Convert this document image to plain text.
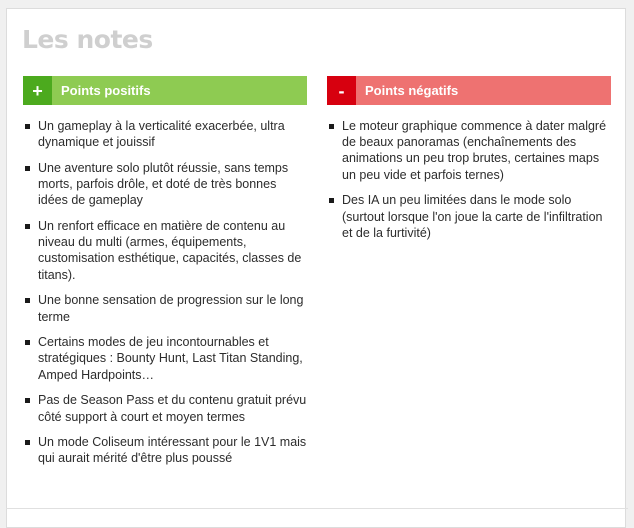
Les notes
+	Points positifs
Un gameplay à la verticalité exacerbée, ultra dynamique et jouissif
Une aventure solo plutôt réussie, sans temps morts, parfois drôle, et doté de très bonnes idées de gameplay
Un renfort efficace en matière de contenu au niveau du multi (armes, équipements, customisation esthétique, capacités, classes de titans).
Une bonne sensation de progression sur le long terme
Certains modes de jeu incontournables et stratégiques : Bounty Hunt, Last Titan Standing, Amped Hardpoints…
Pas de Season Pass et du contenu gratuit prévu côté support à court et moyen termes
Un mode Coliseum intéressant pour le 1V1 mais qui aurait mérité d'être plus poussé
-	Points négatifs
Le moteur graphique commence à dater malgré de beaux panoramas (enchaînements des animations un peu trop brutes, certaines maps un peu vide et parfois ternes)
Des IA un peu limitées dans le mode solo (surtout lorsque l'on joue la carte de l'infiltration et de la furtivité)
